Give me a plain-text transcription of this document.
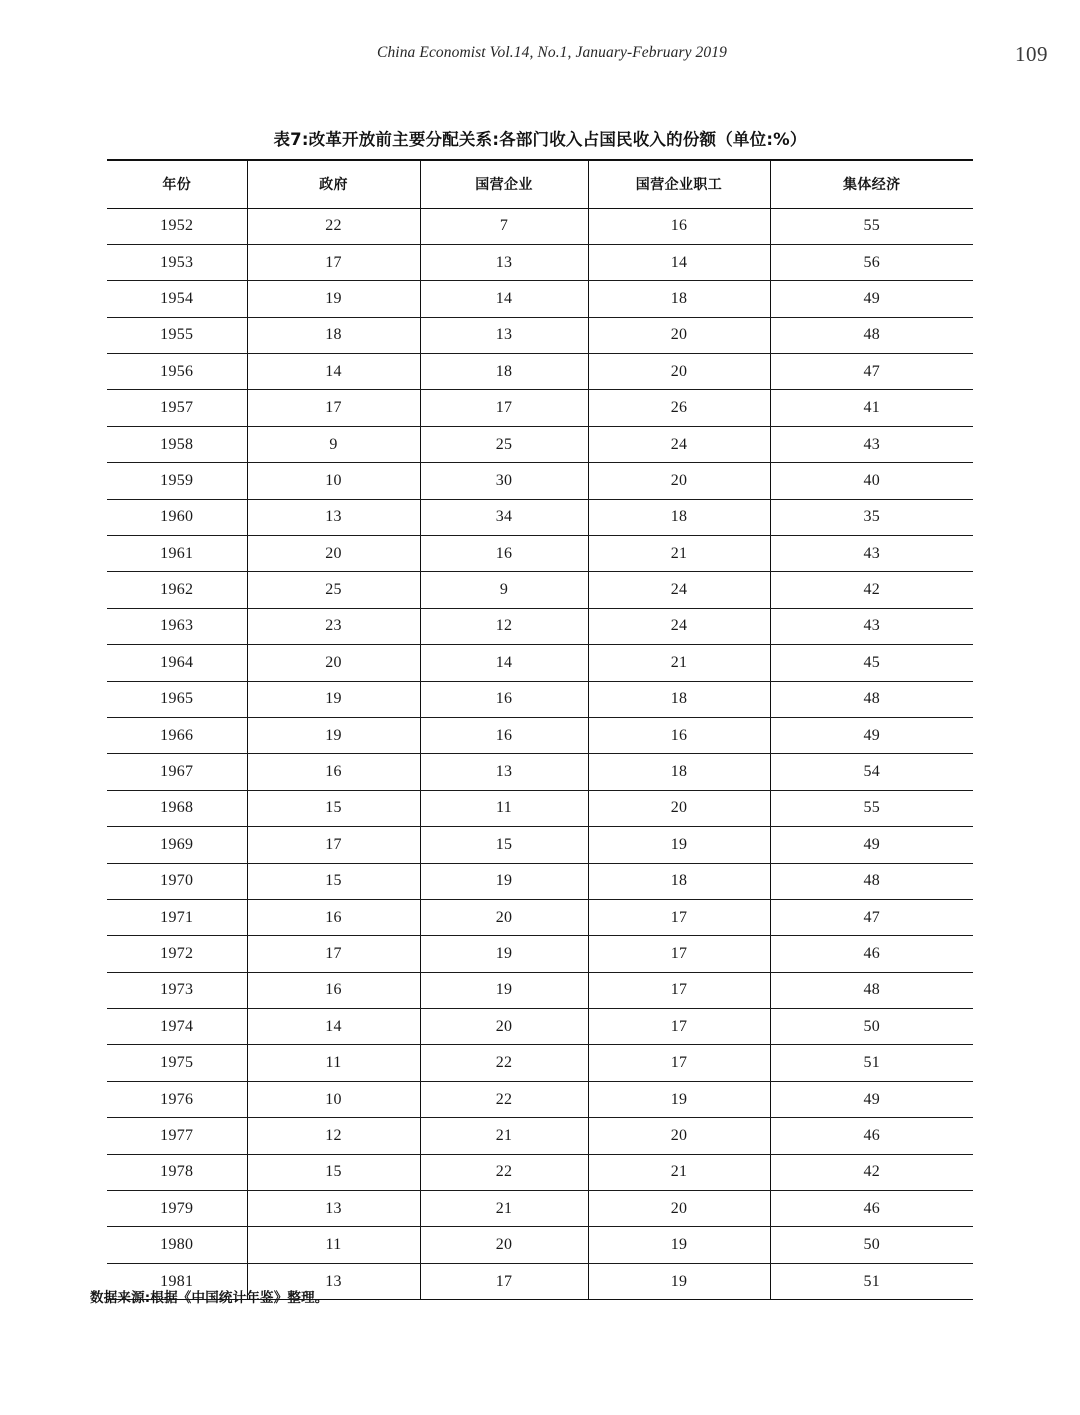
China Economist Vol.14, No.1, January-February 2019	109
表7:改革开放前主要分配关系:各部门收入占国民收入的份额（单位:%）
年份	政府	国营企业	国营企业职工	集体经济
1952	22	7	16	55
1953	17	13	14	56
1954	19	14	18	49
1955	18	13	20	48
1956	14	18	20	47
1957	17	17	26	41
1958	9	25	24	43
1959	10	30	20	40
1960	13	34	18	35
1961	20	16	21	43
1962	25	9	24	42
1963	23	12	24	43
1964	20	14	21	45
1965	19	16	18	48
1966	19	16	16	49
1967	16	13	18	54
1968	15	11	20	55
1969	17	15	19	49
1970	15	19	18	48
1971	16	20	17	47
1972	17	19	17	46
1973	16	19	17	48
1974	14	20	17	50
1975	11	22	17	51
1976	10	22	19	49
1977	12	21	20	46
1978	15	22	21	42
1979	13	21	20	46
1980	11	20	19	50
1981	13	17	19	51
数据来源:根据《中国统计年鉴》整理。
